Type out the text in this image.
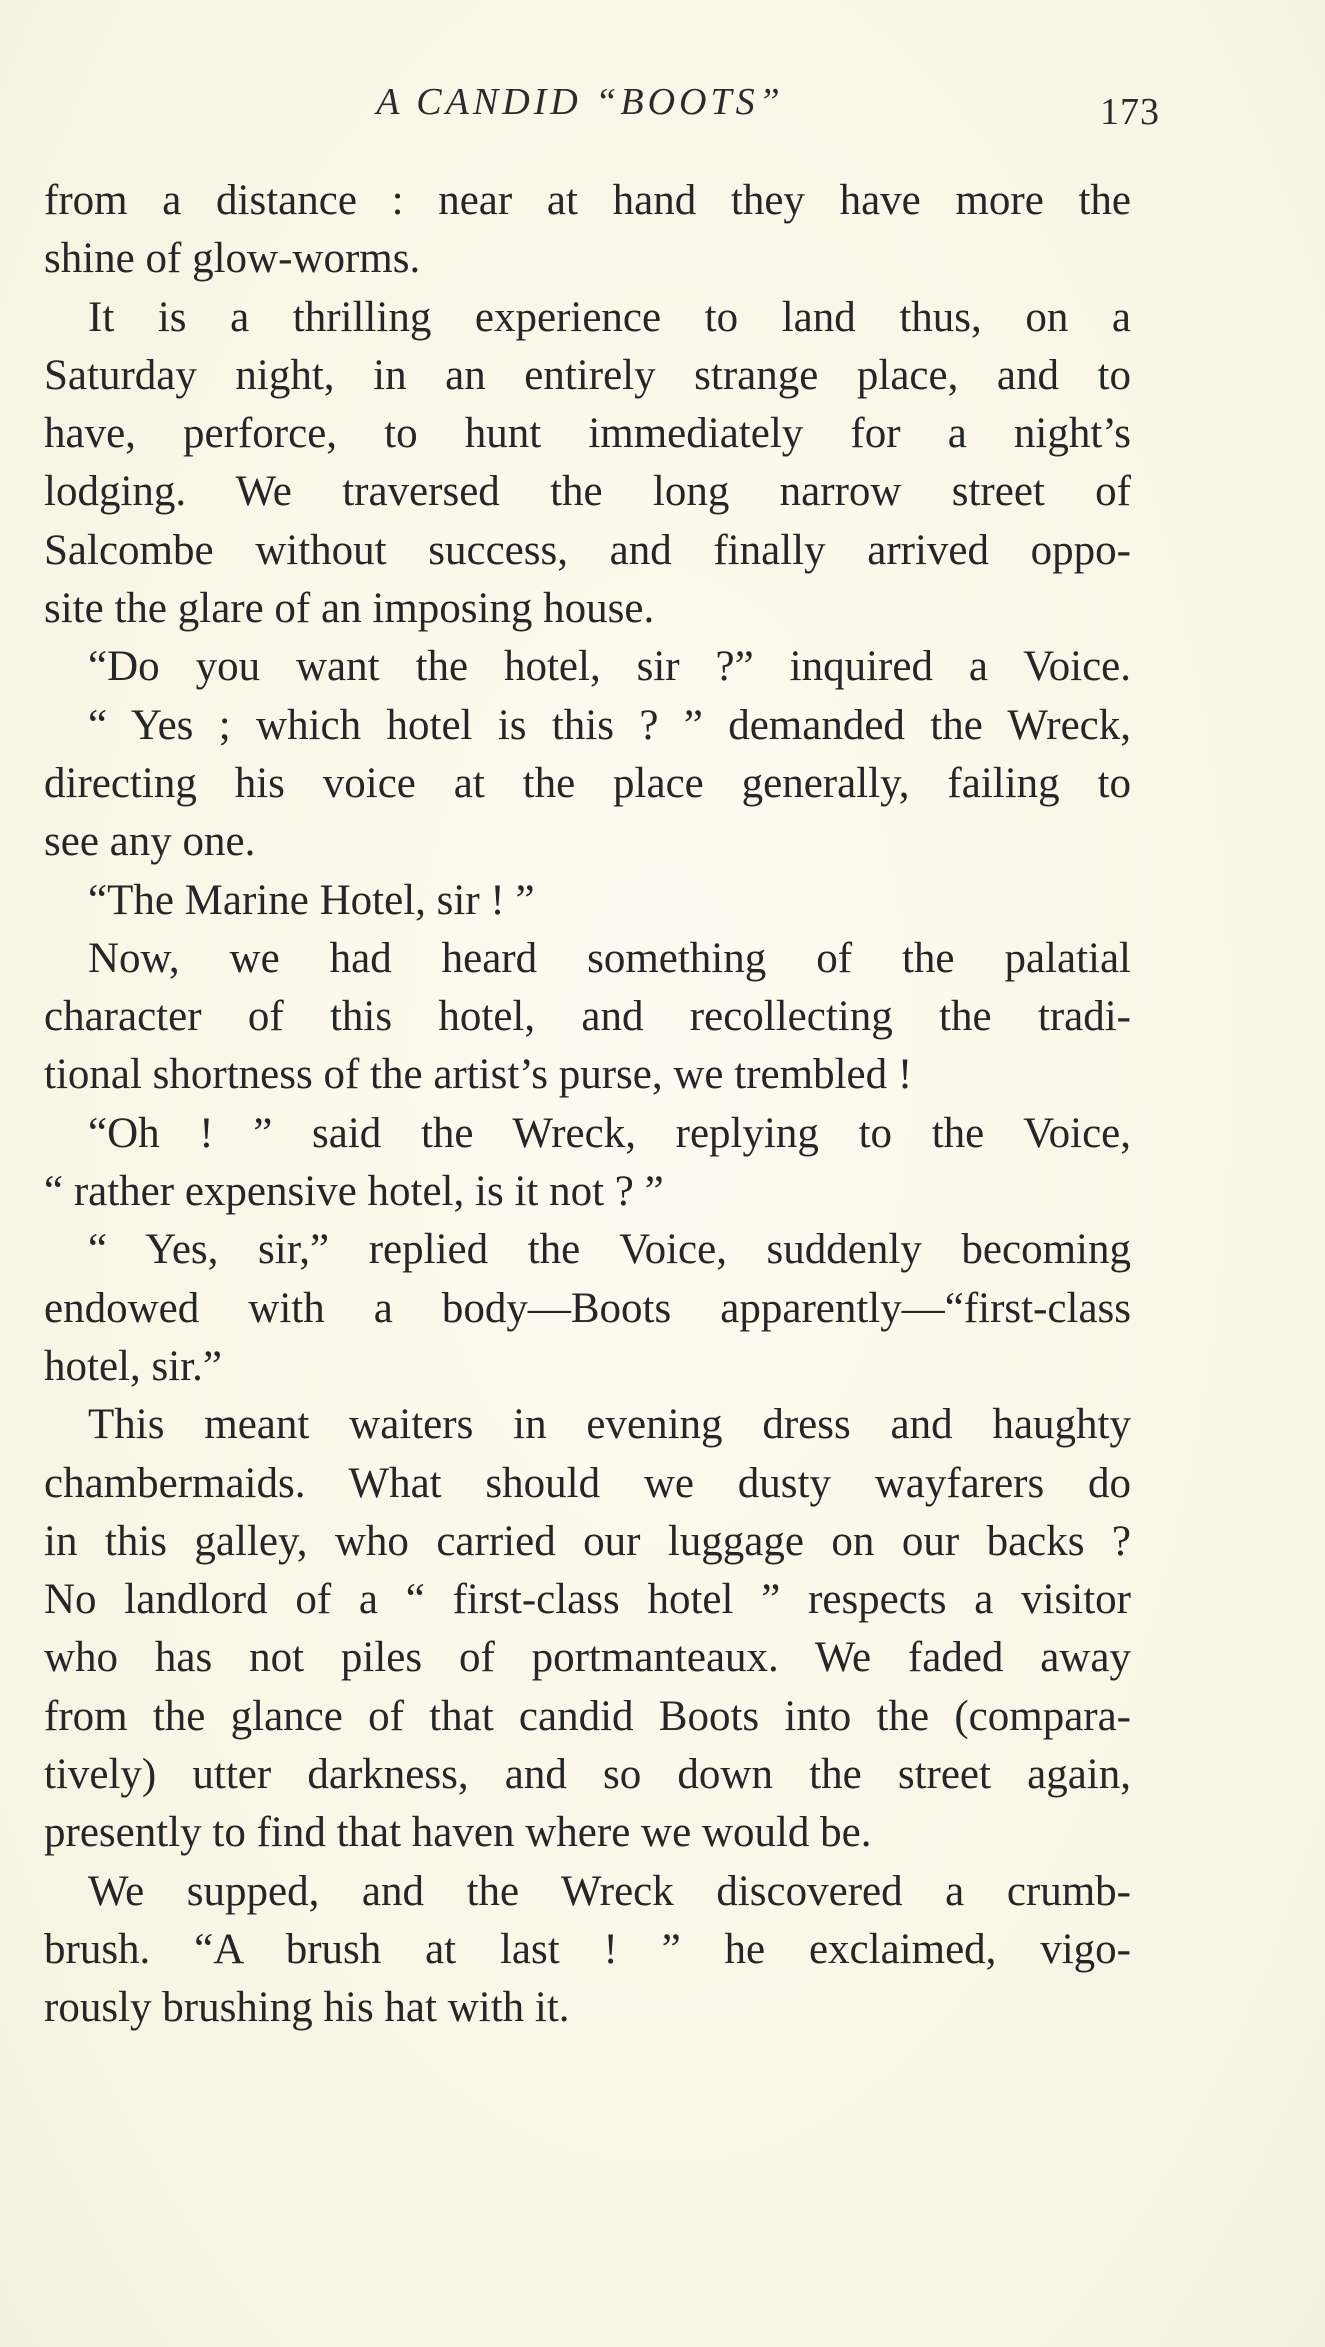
A CANDID “BOOTS”	173
from a distance : near at hand they have more the
shine of glow-worms.
It is a thrilling experience to land thus, on a
Saturday night, in an entirely strange place, and to
have, perforce, to hunt immediately for a night’s
lodging. We traversed the long narrow street of
Salcombe without success, and finally arrived oppo-
site the glare of an imposing house.
“Do you want the hotel, sir ?” inquired a Voice.
“ Yes ; which hotel is this ? ” demanded the Wreck,
directing his voice at the place generally, failing to
see any one.
“The Marine Hotel, sir ! ”
Now, we had heard something of the palatial
character of this hotel, and recollecting the tradi-
tional shortness of the artist’s purse, we trembled !
“Oh ! ” said the Wreck, replying to the Voice,
“ rather expensive hotel, is it not ? ”
“ Yes, sir,” replied the Voice, suddenly becoming
endowed with a body—Boots apparently—“first-class
hotel, sir.”
This meant waiters in evening dress and haughty
chambermaids. What should we dusty wayfarers do
in this galley, who carried our luggage on our backs ?
No landlord of a “ first-class hotel ” respects a visitor
who has not piles of portmanteaux. We faded away
from the glance of that candid Boots into the (compara-
tively) utter darkness, and so down the street again,
presently to find that haven where we would be.
We supped, and the Wreck discovered a crumb-
brush. “A brush at last ! ” he exclaimed, vigo-
rously brushing his hat with it.
